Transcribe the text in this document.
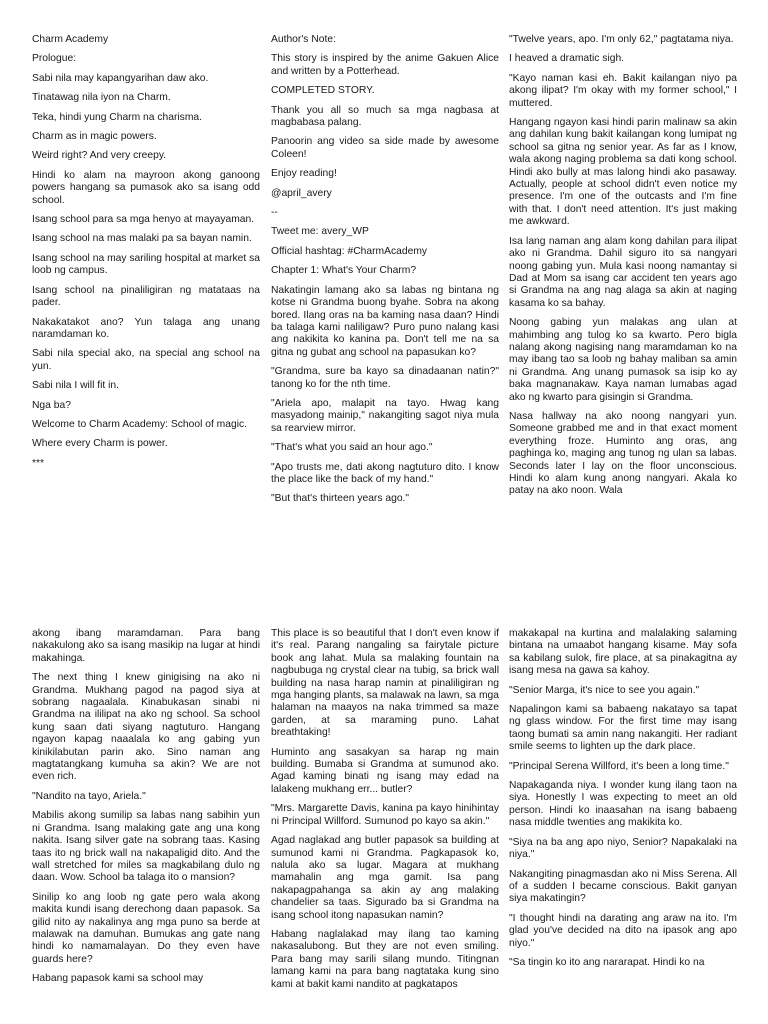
Charm Academy

Prologue:

Sabi nila may kapangyarihan daw ako.

Tinatawag nila iyon na Charm.

Teka, hindi yung Charm na charisma.

Charm as in magic powers.

Weird right? And very creepy.

Hindi ko alam na mayroon akong ganoong powers hangang sa pumasok ako sa isang odd school.

Isang school para sa mga henyo at mayayaman.

Isang school na mas malaki pa sa bayan namin.

Isang school na may sariling hospital at market sa loob ng campus.

Isang school na pinaliligiran ng matataas na pader.

Nakakatakot ano? Yun talaga ang unang naramdaman ko.

Sabi nila special ako, na special ang school na yun.

Sabi nila I will fit in.

Nga ba?

Welcome to Charm Academy: School of magic.

Where every Charm is power.

***

Author's Note:

This story is inspired by the anime Gakuen Alice and written by a Potterhead.

COMPLETED STORY.

Thank you all so much sa mga nagbasa at magbabasa palang.

Panoorin ang video sa side made by awesome Coleen!

Enjoy reading!

@april_avery

--

Tweet me: avery_WP

Official hashtag: #CharmAcademy

Chapter 1: What's Your Charm?

Nakatingin lamang ako sa labas ng bintana ng kotse ni Grandma buong byahe. Sobra na akong bored. Ilang oras na ba kaming nasa daan? Hindi ba talaga kami naliligaw? Puro puno nalang kasi ang nakikita ko kanina pa. Don't tell me na sa gitna ng gubat ang school na papasukan ko?

"Grandma, sure ba kayo sa dinadaanan natin?" tanong ko for the nth time.

"Ariela apo, malapit na tayo. Hwag kang masyadong mainip," nakangiting sagot niya mula sa rearview mirror.

"That's what you said an hour ago."

"Apo trusts me, dati akong nagtuturo dito. I know the place like the back of my hand."

"But that's thirteen years ago."

"Twelve years, apo. I'm only 62," pagtatama niya.

I heaved a dramatic sigh.

"Kayo naman kasi eh. Bakit kailangan niyo pa akong ilipat? I'm okay with my former school," I muttered.

Hangang ngayon kasi hindi parin malinaw sa akin ang dahilan kung bakit kailangan kong lumipat ng school sa gitna ng senior year. As far as I know, wala akong naging problema sa dati kong school. Hindi ako bully at mas lalong hindi ako pasaway. Actually, people at school didn't even notice my presence. I'm one of the outcasts and I'm fine with that. I don't need attention. It's just making me awkward.

Isa lang naman ang alam kong dahilan para ilipat ako ni Grandma. Dahil siguro ito sa nangyari noong gabing yun. Mula kasi noong namantay si Dad at Mom sa isang car accident ten years ago si Grandma na ang nag alaga sa akin at naging kasama ko sa bahay.

Noong gabing yun malakas ang ulan at mahimbing ang tulog ko sa kwarto. Pero bigla nalang akong nagising nang maramdaman ko na may ibang tao sa loob ng bahay maliban sa amin ni Grandma. Ang unang pumasok sa isip ko ay baka magnanakaw. Kaya naman lumabas agad ako ng kwarto para gisingin si Grandma.

Nasa hallway na ako noong nangyari yun. Someone grabbed me and in that exact moment everything froze. Huminto ang oras, ang paghinga ko, maging ang tunog ng ulan sa labas. Seconds later I lay on the floor unconscious. Hindi ko alam kung anong nangyari. Akala ko patay na ako noon. Wala

akong ibang maramdaman. Para bang nakakulong ako sa isang masikip na lugar at hindi makahinga.

The next thing I knew ginigising na ako ni Grandma. Mukhang pagod na pagod siya at sobrang nagaalala. Kinabukasan sinabi ni Grandma na ililipat na ako ng school. Sa school kung saan dati siyang nagtuturo. Hangang ngayon kapag naaalala ko ang gabing yun kinikilabutan parin ako. Sino naman ang magtatangkang kumuha sa akin? We are not even rich.

"Nandito na tayo, Ariela."

Mabilis akong sumilip sa labas nang sabihin yun ni Grandma. Isang malaking gate ang una kong nakita. Isang silver gate na sobrang taas. Kasing taas ito ng brick wall na nakapaligid dito. And the wall stretched for miles sa magkabilang dulo ng daan. Wow. School ba talaga ito o mansion?

Sinilip ko ang loob ng gate pero wala akong makita kundi isang derechong daan papasok. Sa gilid nito ay nakalinya ang mga puno sa berde at malawak na damuhan. Bumukas ang gate nang hindi ko namamalayan. Do they even have guards here?

Habang papasok kami sa school may

This place is so beautiful that I don't even know if it's real. Parang nangaling sa fairytale picture book ang lahat. Mula sa malaking fountain na nagbubuga ng crystal clear na tubig, sa brick wall building na nasa harap namin at pinaliligiran ng mga hanging plants, sa malawak na lawn, sa mga halaman na maayos na naka trimmed sa maze garden, at sa maraming puno. Lahat breathtaking!

Huminto ang sasakyan sa harap ng main building. Bumaba si Grandma at sumunod ako. Agad kaming binati ng isang may edad na lalakeng mukhang err... butler?

"Mrs. Margarette Davis, kanina pa kayo hinihintay ni Principal Willford. Sumunod po kayo sa akin."

Agad naglakad ang butler papasok sa building at sumunod kami ni Grandma. Pagkapasok ko, nalula ako sa lugar. Magara at mukhang mamahalin ang mga gamit. Isa pang nakapagpahanga sa akin ay ang malaking chandelier sa taas. Sigurado ba si Grandma na isang school itong napasukan namin?

Habang naglalakad may ilang tao kaming nakasalubong. But they are not even smiling. Para bang may sarili silang mundo. Titingnan lamang kami na para bang nagtataka kung sino kami at bakit kami nandito at pagkatapos

makakapal na kurtina and malalaking salaming bintana na umaabot hangang kisame. May sofa sa kabilang sulok, fire place, at sa pinakagitna ay isang mesa na gawa sa kahoy.

"Senior Marga, it's nice to see you again."

Napalingon kami sa babaeng nakatayo sa tapat ng glass window. For the first time may isang taong bumati sa amin nang nakangiti. Her radiant smile seems to lighten up the dark place.

"Principal Serena Willford, it's been a long time."

Napakaganda niya. I wonder kung ilang taon na siya. Honestly I was expecting to meet an old person. Hindi ko inaasahan na isang babaeng nasa middle twenties ang makikita ko.

"Siya na ba ang apo niyo, Senior? Napakalaki na niya."

Nakangiting pinagmasdan ako ni Miss Serena. All of a sudden I became conscious. Bakit ganyan siya makatingin?

"I thought hindi na darating ang araw na ito. I'm glad you've decided na dito na ipasok ang apo niyo."

"Sa tingin ko ito ang nararapat. Hindi ko na
